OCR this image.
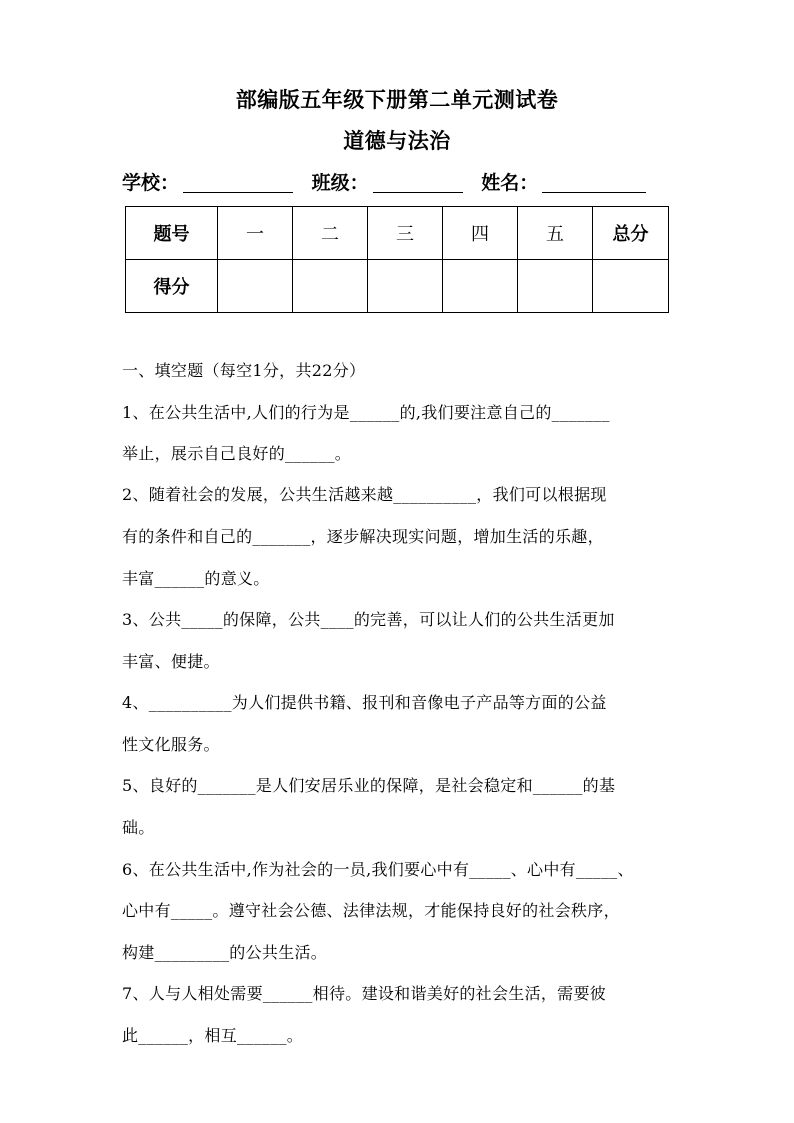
部编版五年级下册第二单元测试卷
道德与法治
学校：	班级：	姓名：
题号	一	二	三	四	五	总分
得分						
一、填空题（每空1分，共22分）
1、在公共生活中,人们的行为是______的,我们要注意自己的_______
举止，展示自己良好的______。
2、随着社会的发展，公共生活越来越__________，我们可以根据现
有的条件和自己的_______，逐步解决现实问题，增加生活的乐趣，
丰富______的意义。
3、公共_____的保障，公共____的完善，可以让人们的公共生活更加
丰富、便捷。
4、__________为人们提供书籍、报刊和音像电子产品等方面的公益
性文化服务。
5、良好的_______是人们安居乐业的保障，是社会稳定和______的基
础。
6、在公共生活中,作为社会的一员,我们要心中有_____、心中有_____、
心中有_____。遵守社会公德、法律法规，才能保持良好的社会秩序，
构建_________的公共生活。
7、人与人相处需要______相待。建设和谐美好的社会生活，需要彼
此______，相互______。
